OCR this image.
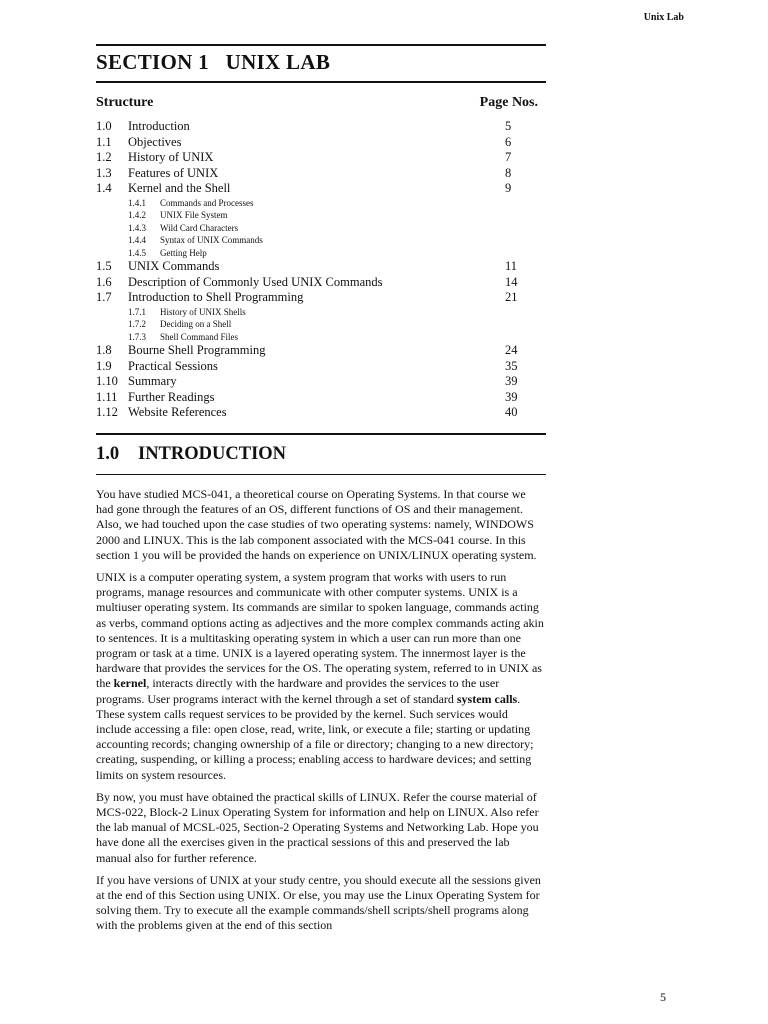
Unix Lab
SECTION 1   UNIX LAB
Structure	Page Nos.
1.0	Introduction	5
1.1	Objectives	6
1.2	History of UNIX	7
1.3	Features of UNIX	8
1.4	Kernel and the Shell	9
1.4.1	Commands and Processes
1.4.2	UNIX File System
1.4.3	Wild Card Characters
1.4.4	Syntax of UNIX Commands
1.4.5	Getting Help
1.5	UNIX Commands	11
1.6	Description of Commonly Used UNIX Commands	14
1.7	Introduction to Shell Programming	21
1.7.1	History of UNIX Shells
1.7.2	Deciding on a Shell
1.7.3	Shell Command Files
1.8	Bourne Shell Programming	24
1.9	Practical Sessions	35
1.10 Summary	39
1.11 Further Readings	39
1.12 Website References	40
1.0 INTRODUCTION

You have studied MCS-041, a theoretical course on Operating Systems. In that course we had gone through the features of an OS, different functions of OS and their management. Also, we had touched upon the case studies of two operating systems: namely, WINDOWS 2000 and LINUX. This is the lab component associated with the MCS-041 course. In this section 1 you will be provided the hands on experience on UNIX/LINUX operating system.

UNIX is a computer operating system, a system program that works with users to run programs, manage resources and communicate with other computer systems. UNIX is a multiuser operating system. Its commands are similar to spoken language, commands acting as verbs, command options acting as adjectives and the more complex commands acting akin to sentences. It is a multitasking operating system in which a user can run more than one program or task at a time. UNIX is a layered operating system. The innermost layer is the hardware that provides the services for the OS. The operating system, referred to in UNIX as the kernel, interacts directly with the hardware and provides the services to the user programs. User programs interact with the kernel through a set of standard system calls. These system calls request services to be provided by the kernel. Such services would include accessing a file: open close, read, write, link, or execute a file; starting or updating accounting records; changing ownership of a file or directory; changing to a new directory; creating, suspending, or killing a process; enabling access to hardware devices; and setting limits on system resources.

By now, you must have obtained the practical skills of LINUX. Refer the course material of MCS-022, Block-2 Linux Operating System for information and help on LINUX. Also refer the lab manual of MCSL-025, Section-2 Operating Systems and Networking Lab. Hope you have done all the exercises given in the practical sessions of this and preserved the lab manual also for further reference.

If you have versions of UNIX at your study centre, you should execute all the sessions given at the end of this Section using UNIX. Or else, you may use the Linux Operating System for solving them. Try to execute all the example commands/shell scripts/shell programs along with the problems given at the end of this section

5
